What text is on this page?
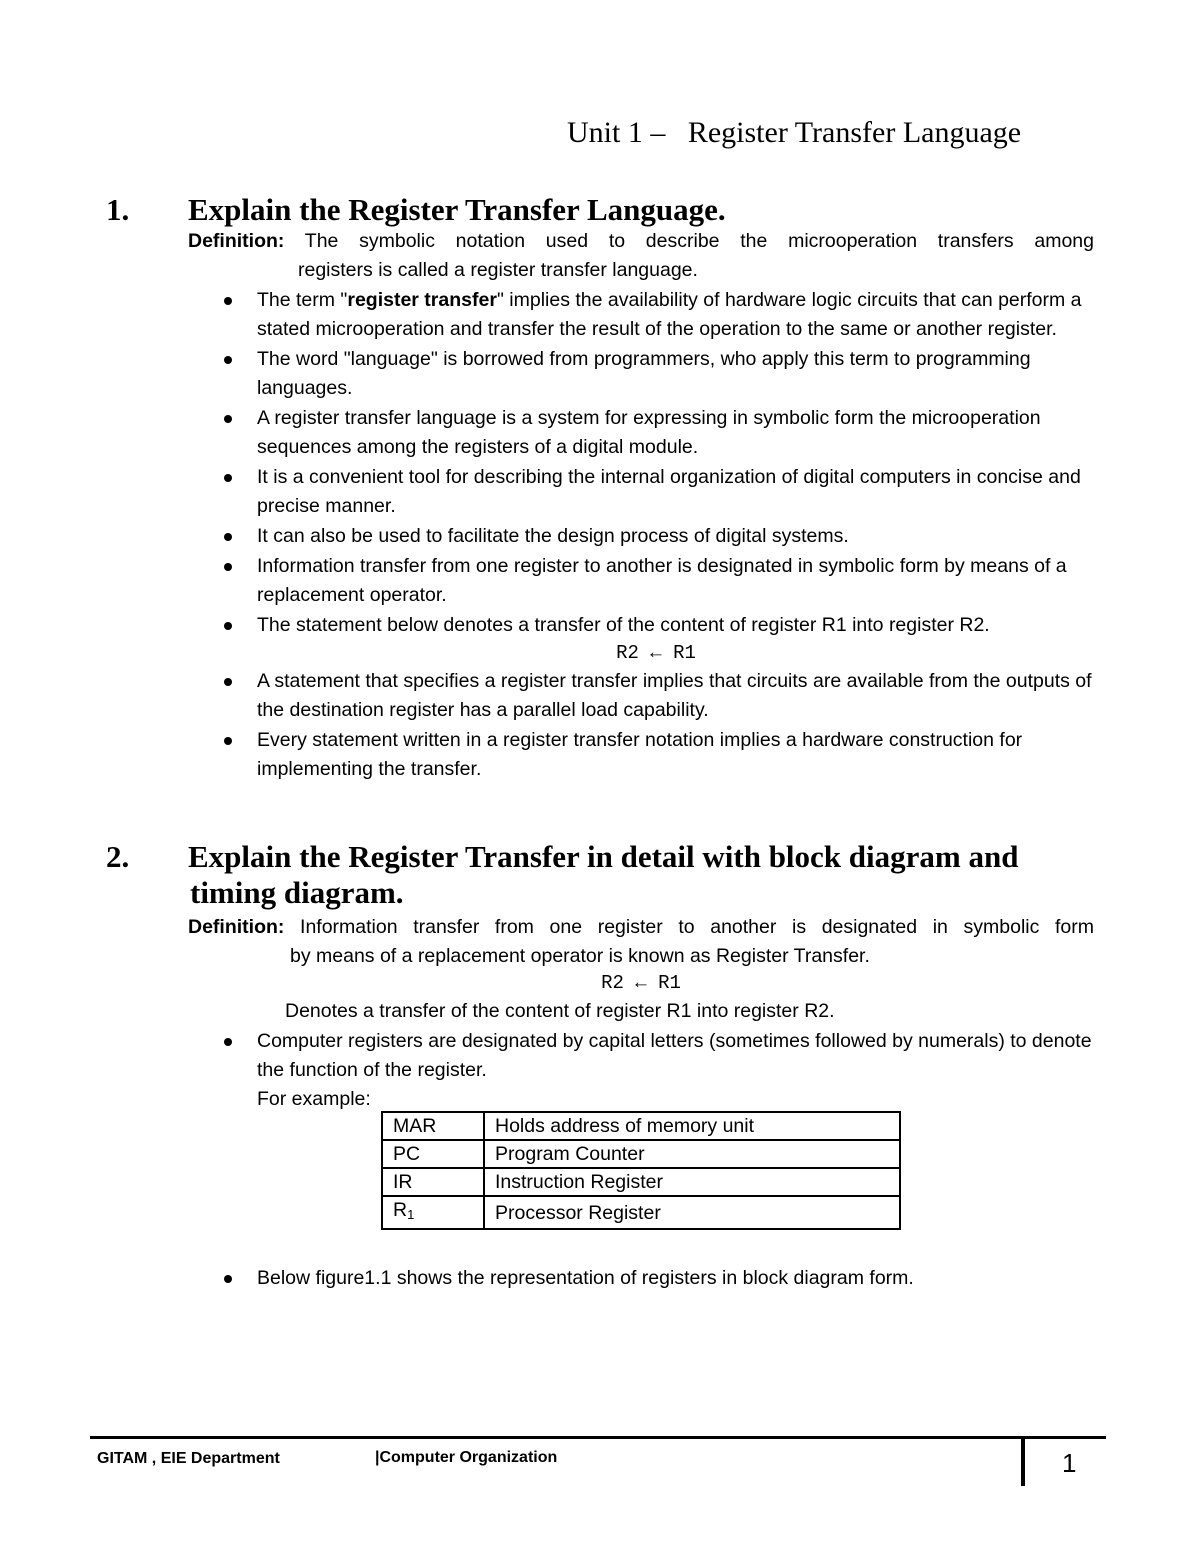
Unit 1 –   Register Transfer Language
1. Explain the Register Transfer Language.
Definition: The symbolic notation used to describe the microoperation transfers among
registers is called a register transfer language.
The term "register transfer" implies the availability of hardware logic circuits that can perform a stated microoperation and transfer the result of the operation to the same or another register.
The word "language" is borrowed from programmers, who apply this term to programming languages.
A register transfer language is a system for expressing in symbolic form the microoperation sequences among the registers of a digital module.
It is a convenient tool for describing the internal organization of digital computers in concise and precise manner.
It can also be used to facilitate the design process of digital systems.
Information transfer from one register to another is designated in symbolic form by means of a replacement operator.
The statement below denotes a transfer of the content of register R1 into register R2.
R2 ← R1
A statement that specifies a register transfer implies that circuits are available from the outputs of the destination register has a parallel load capability.
Every statement written in a register transfer notation implies a hardware construction for implementing the transfer.
2. Explain the Register Transfer in detail with block diagram and
timing diagram.
Definition: Information transfer from one register to another is designated in symbolic form
by means of a replacement operator is known as Register Transfer.
R2 ← R1
Denotes a transfer of the content of register R1 into register R2.
Computer registers are designated by capital letters (sometimes followed by numerals) to denote the function of the register.
For example:
MAR	Holds address of memory unit
PC	Program Counter
IR	Instruction Register
$R_1$	Processor Register
Below figure1.1 shows the representation of registers in block diagram form.
GITAM , EIE Department	|Computer Organization	1
